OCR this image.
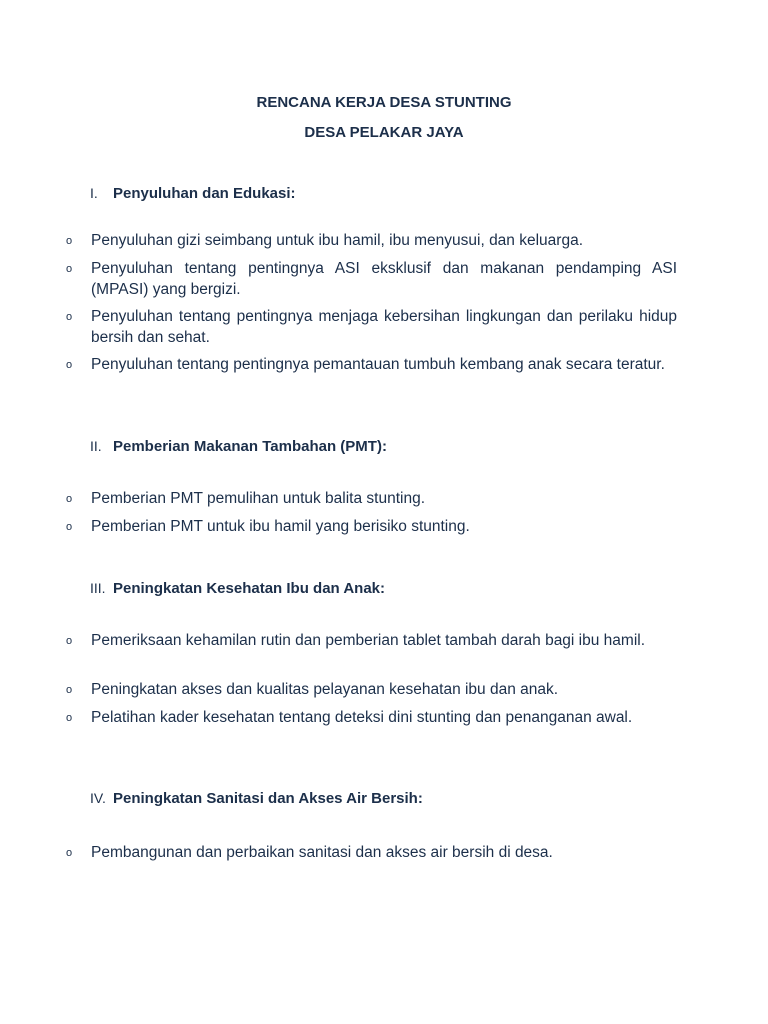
RENCANA KERJA DESA STUNTING
DESA PELAKAR JAYA
I. Penyuluhan dan Edukasi:
o Penyuluhan gizi seimbang untuk ibu hamil, ibu menyusui, dan keluarga.
o Penyuluhan tentang pentingnya ASI eksklusif dan makanan pendamping ASI (MPASI) yang bergizi.
o Penyuluhan tentang pentingnya menjaga kebersihan lingkungan dan perilaku hidup bersih dan sehat.
o Penyuluhan tentang pentingnya pemantauan tumbuh kembang anak secara teratur.
II. Pemberian Makanan Tambahan (PMT):
o Pemberian PMT pemulihan untuk balita stunting.
o Pemberian PMT untuk ibu hamil yang berisiko stunting.
III. Peningkatan Kesehatan Ibu dan Anak:
o Pemeriksaan kehamilan rutin dan pemberian tablet tambah darah bagi ibu hamil.
o Peningkatan akses dan kualitas pelayanan kesehatan ibu dan anak.
o Pelatihan kader kesehatan tentang deteksi dini stunting dan penanganan awal.
IV. Peningkatan Sanitasi dan Akses Air Bersih:
o Pembangunan dan perbaikan sanitasi dan akses air bersih di desa.
